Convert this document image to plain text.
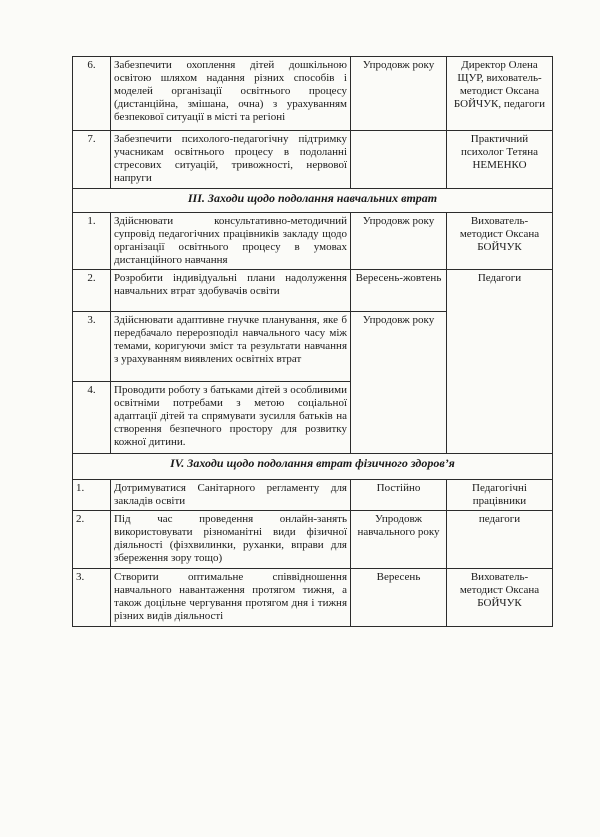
6.	Забезпечити охоплення дітей дошкільною освітою шляхом надання різних способів і моделей організації освітнього процесу (дистанційна, змішана, очна) з урахуванням безпекової ситуації в місті та регіоні	Упродовж року	Директор Олена ЩУР, вихователь-методист Оксана БОЙЧУК, педагоги
7.	Забезпечити психолого-педагогічну підтримку учасникам освітнього процесу в подоланні стресових ситуацій, тривожності, нервової напруги		Практичний психолог Тетяна НЕМЕНКО
ІІІ. Заходи щодо подолання навчальних втрат			
1.	Здійснювати консультативно-методичний супровід педагогічних працівників закладу щодо організації освітнього процесу в умовах дистанційного навчання	Упродовж року	Вихователь-методист Оксана БОЙЧУК
2.	Розробити індивідуальні плани надолуження навчальних втрат здобувачів освіти	Вересень-жовтень	Педагоги
3.	Здійснювати адаптивне гнучке планування, яке б передбачало перерозподіл навчального часу між темами, коригуючи зміст та результати навчання з урахуванням виявлених освітніх втрат	Упродовж року	
4.	Проводити роботу з батьками дітей з особливими освітніми потребами з метою соціальної адаптації дітей та спрямувати зусилля батьків на створення безпечного простору для розвитку кожної дитини.		
IV. Заходи щодо подолання втрат фізичного здоров’я			
1.	Дотримуватися Санітарного регламенту для закладів освіти	Постійно	Педагогічні працівники
2.	Під час проведення онлайн-занять використовувати різноманітні види фізичної діяльності (фізхвилинки, руханки, вправи для збереження зору тощо)	Упродовж навчального року	педагоги
3.	Створити оптимальне співвідношення навчального навантаження протягом тижня, а також доцільне чергування протягом дня і тижня різних видів діяльності	Вересень	Вихователь-методист Оксана БОЙЧУК
